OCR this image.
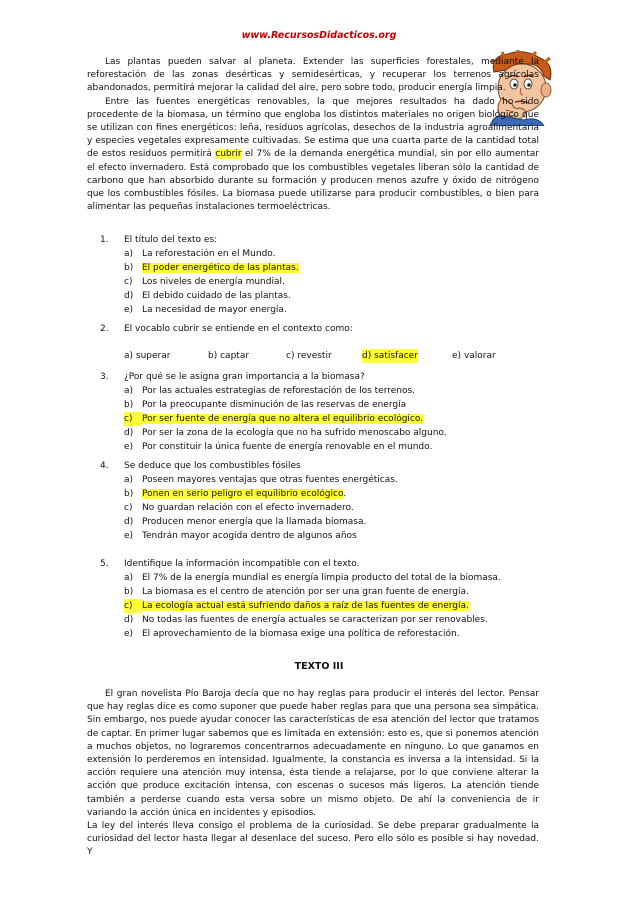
www.RecursosDidacticos.org

Las plantas pueden salvar al planeta. Extender las superficies forestales, mediante la reforestación de las zonas desérticas y semidesérticas, y recuperar los terrenos agrícolas abandonados, permitirá mejorar la calidad del aire, pero sobre todo, producir energía limpia.

Entre las fuentes energéticas renovables, la que mejores resultados ha dado ho sido procedente de la biomasa, un término que engloba los distintos materiales no origen biológico que se utilizan con fines energéticos: leña, residuos agrícolas, desechos de la industria agroalimentaria y especies vegetales expresamente cultivadas. Se estima que una cuarta parte de la cantidad total de estos residuos permitirá cubrir el 7% de la demanda energética mundial, sin por ello aumentar el efecto invernadero. Está comprobado que los combustibles vegetales liberan sólo la cantidad de carbono que han absorbido durante su formación y producen menos azufre y óxido de nitrógeno que los combustibles fósiles. La biomasa puede utilizarse para producir combustibles, o bien para alimentar las pequeñas instalaciones termoeléctricas.

1. El título del texto es:
a) La reforestación en el Mundo.
b) El poder energético de las plantas.
c) Los niveles de energía mundial.
d) El debido cuidado de las plantas.
e) La necesidad de mayor energía.
2. El vocablo cubrir se entiende en el contexto como:
a) superar	b) captar	c) revestir	d) satisfacer	e) valorar
3. ¿Por qué se le asigna gran importancia a la biomasa?
a) Por las actuales estrategias de reforestación de los terrenos.
b) Por la preocupante disminución de las reservas de energía
c) Por ser fuente de energía que no altera el equilibrio ecológico.
d) Por ser la zona de la ecología que no ha sufrido menoscabo alguno.
e) Por constituir la única fuente de energía renovable en el mundo.
4. Se deduce que los combustibles fósiles
a) Poseen mayores ventajas que otras fuentes energéticas.
b) Ponen en serio peligro el equilibrio ecológico.
c) No guardan relación con el efecto invernadero.
d) Producen menor energía que la llamada biomasa.
e) Tendrán mayor acogida dentro de algunos años
5. Identifique la información incompatible con el texto.
a) El 7% de la energía mundial es energía limpia producto del total de la biomasa.
b) La biomasa es el centro de atención por ser una gran fuente de energía.
c) La ecología actual está sufriendo daños a raíz de las fuentes de energía.
d) No todas las fuentes de energía actuales se caracterizan por ser renovables.
e) El aprovechamiento de la biomasa exige una política de reforestación.
TEXTO III

El gran novelista Pío Baroja decía que no hay reglas para producir el interés del lector. Pensar que hay reglas dice es como suponer que puede haber reglas para que una persona sea simpática. Sin embargo, nos puede ayudar conocer las características de esa atención del lector que tratamos de captar. En primer lugar sabemos que es limitada en extensión: esto es, que si ponemos atención a muchos objetos, no lograremos concentrarnos adecuadamente en ninguno. Lo que ganamos en extensión lo perderemos en intensidad. Igualmente, la constancia es inversa a la intensidad. Si la acción requiere una atención muy intensa, ésta tiende a relajarse, por lo que conviene alterar la acción que produce excitación intensa, con escenas o sucesos más ligeros. La atención tiende también a perderse cuando esta versa sobre un mismo objeto. De ahí la conveniencia de ir variando la acción única en incidentes y episodios.

La ley del interés lleva consigo el problema de la curiosidad. Se debe preparar gradualmente la curiosidad del lector hasta llegar al desenlace del suceso. Pero ello sólo es posible si hay novedad. Y
